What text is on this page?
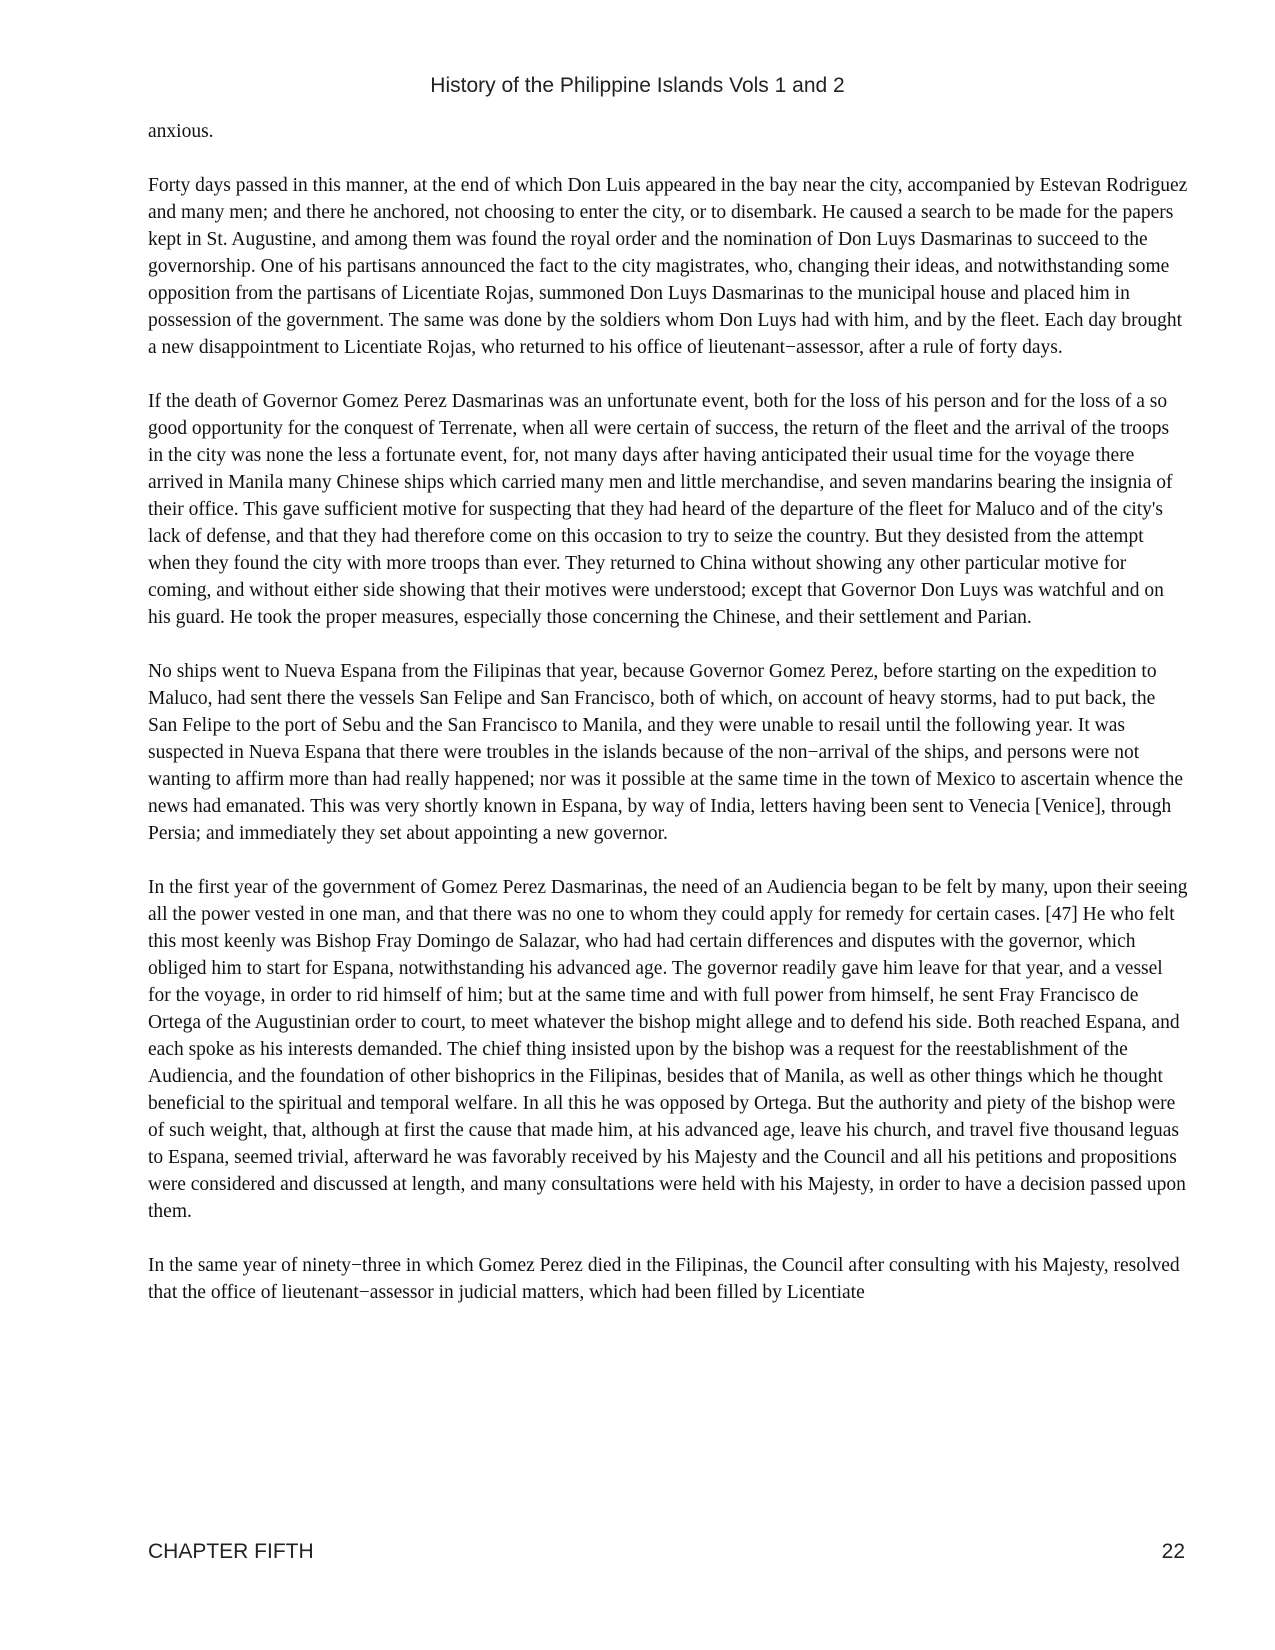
History of the Philippine Islands Vols 1 and 2

anxious.

Forty days passed in this manner, at the end of which Don Luis appeared in the bay near the city, accompanied by Estevan Rodriguez and many men; and there he anchored, not choosing to enter the city, or to disembark. He caused a search to be made for the papers kept in St. Augustine, and among them was found the royal order and the nomination of Don Luys Dasmarinas to succeed to the governorship. One of his partisans announced the fact to the city magistrates, who, changing their ideas, and notwithstanding some opposition from the partisans of Licentiate Rojas, summoned Don Luys Dasmarinas to the municipal house and placed him in possession of the government. The same was done by the soldiers whom Don Luys had with him, and by the fleet. Each day brought a new disappointment to Licentiate Rojas, who returned to his office of lieutenant−assessor, after a rule of forty days.

If the death of Governor Gomez Perez Dasmarinas was an unfortunate event, both for the loss of his person and for the loss of a so good opportunity for the conquest of Terrenate, when all were certain of success, the return of the fleet and the arrival of the troops in the city was none the less a fortunate event, for, not many days after having anticipated their usual time for the voyage there arrived in Manila many Chinese ships which carried many men and little merchandise, and seven mandarins bearing the insignia of their office. This gave sufficient motive for suspecting that they had heard of the departure of the fleet for Maluco and of the city's lack of defense, and that they had therefore come on this occasion to try to seize the country. But they desisted from the attempt when they found the city with more troops than ever. They returned to China without showing any other particular motive for coming, and without either side showing that their motives were understood; except that Governor Don Luys was watchful and on his guard. He took the proper measures, especially those concerning the Chinese, and their settlement and Parian.

No ships went to Nueva Espana from the Filipinas that year, because Governor Gomez Perez, before starting on the expedition to Maluco, had sent there the vessels San Felipe and San Francisco, both of which, on account of heavy storms, had to put back, the San Felipe to the port of Sebu and the San Francisco to Manila, and they were unable to resail until the following year. It was suspected in Nueva Espana that there were troubles in the islands because of the non−arrival of the ships, and persons were not wanting to affirm more than had really happened; nor was it possible at the same time in the town of Mexico to ascertain whence the news had emanated. This was very shortly known in Espana, by way of India, letters having been sent to Venecia [Venice], through Persia; and immediately they set about appointing a new governor.

In the first year of the government of Gomez Perez Dasmarinas, the need of an Audiencia began to be felt by many, upon their seeing all the power vested in one man, and that there was no one to whom they could apply for remedy for certain cases. [47] He who felt this most keenly was Bishop Fray Domingo de Salazar, who had had certain differences and disputes with the governor, which obliged him to start for Espana, notwithstanding his advanced age. The governor readily gave him leave for that year, and a vessel for the voyage, in order to rid himself of him; but at the same time and with full power from himself, he sent Fray Francisco de Ortega of the Augustinian order to court, to meet whatever the bishop might allege and to defend his side. Both reached Espana, and each spoke as his interests demanded. The chief thing insisted upon by the bishop was a request for the reestablishment of the Audiencia, and the foundation of other bishoprics in the Filipinas, besides that of Manila, as well as other things which he thought beneficial to the spiritual and temporal welfare. In all this he was opposed by Ortega. But the authority and piety of the bishop were of such weight, that, although at first the cause that made him, at his advanced age, leave his church, and travel five thousand leguas to Espana, seemed trivial, afterward he was favorably received by his Majesty and the Council and all his petitions and propositions were considered and discussed at length, and many consultations were held with his Majesty, in order to have a decision passed upon them.

In the same year of ninety−three in which Gomez Perez died in the Filipinas, the Council after consulting with his Majesty, resolved that the office of lieutenant−assessor in judicial matters, which had been filled by Licentiate

CHAPTER FIFTH	22
